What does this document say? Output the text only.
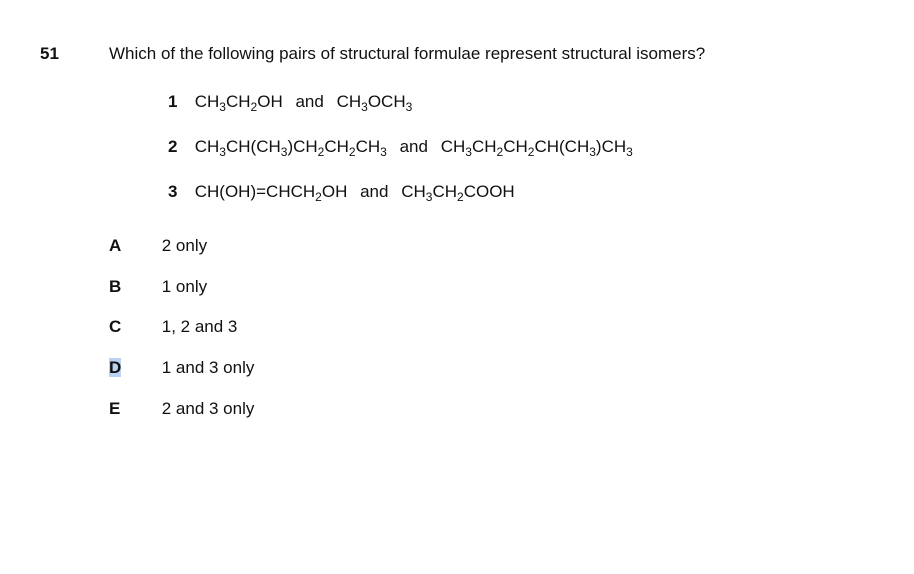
51	Which of the following pairs of structural formulae represent structural isomers?
1 $CH_3CH_2OH$ and $CH_3OCH_3$
2 $CH_3CH(CH_3)CH_2CH_2CH_3$ and $CH_3CH_2CH_2CH(CH_3)CH_3$
3 $CH(OH)=CHCH_2OH$ and $CH_3CH_2COOH$
A 2 only
B 1 only
C 1, 2 and 3
D 1 and 3 only
E 2 and 3 only
